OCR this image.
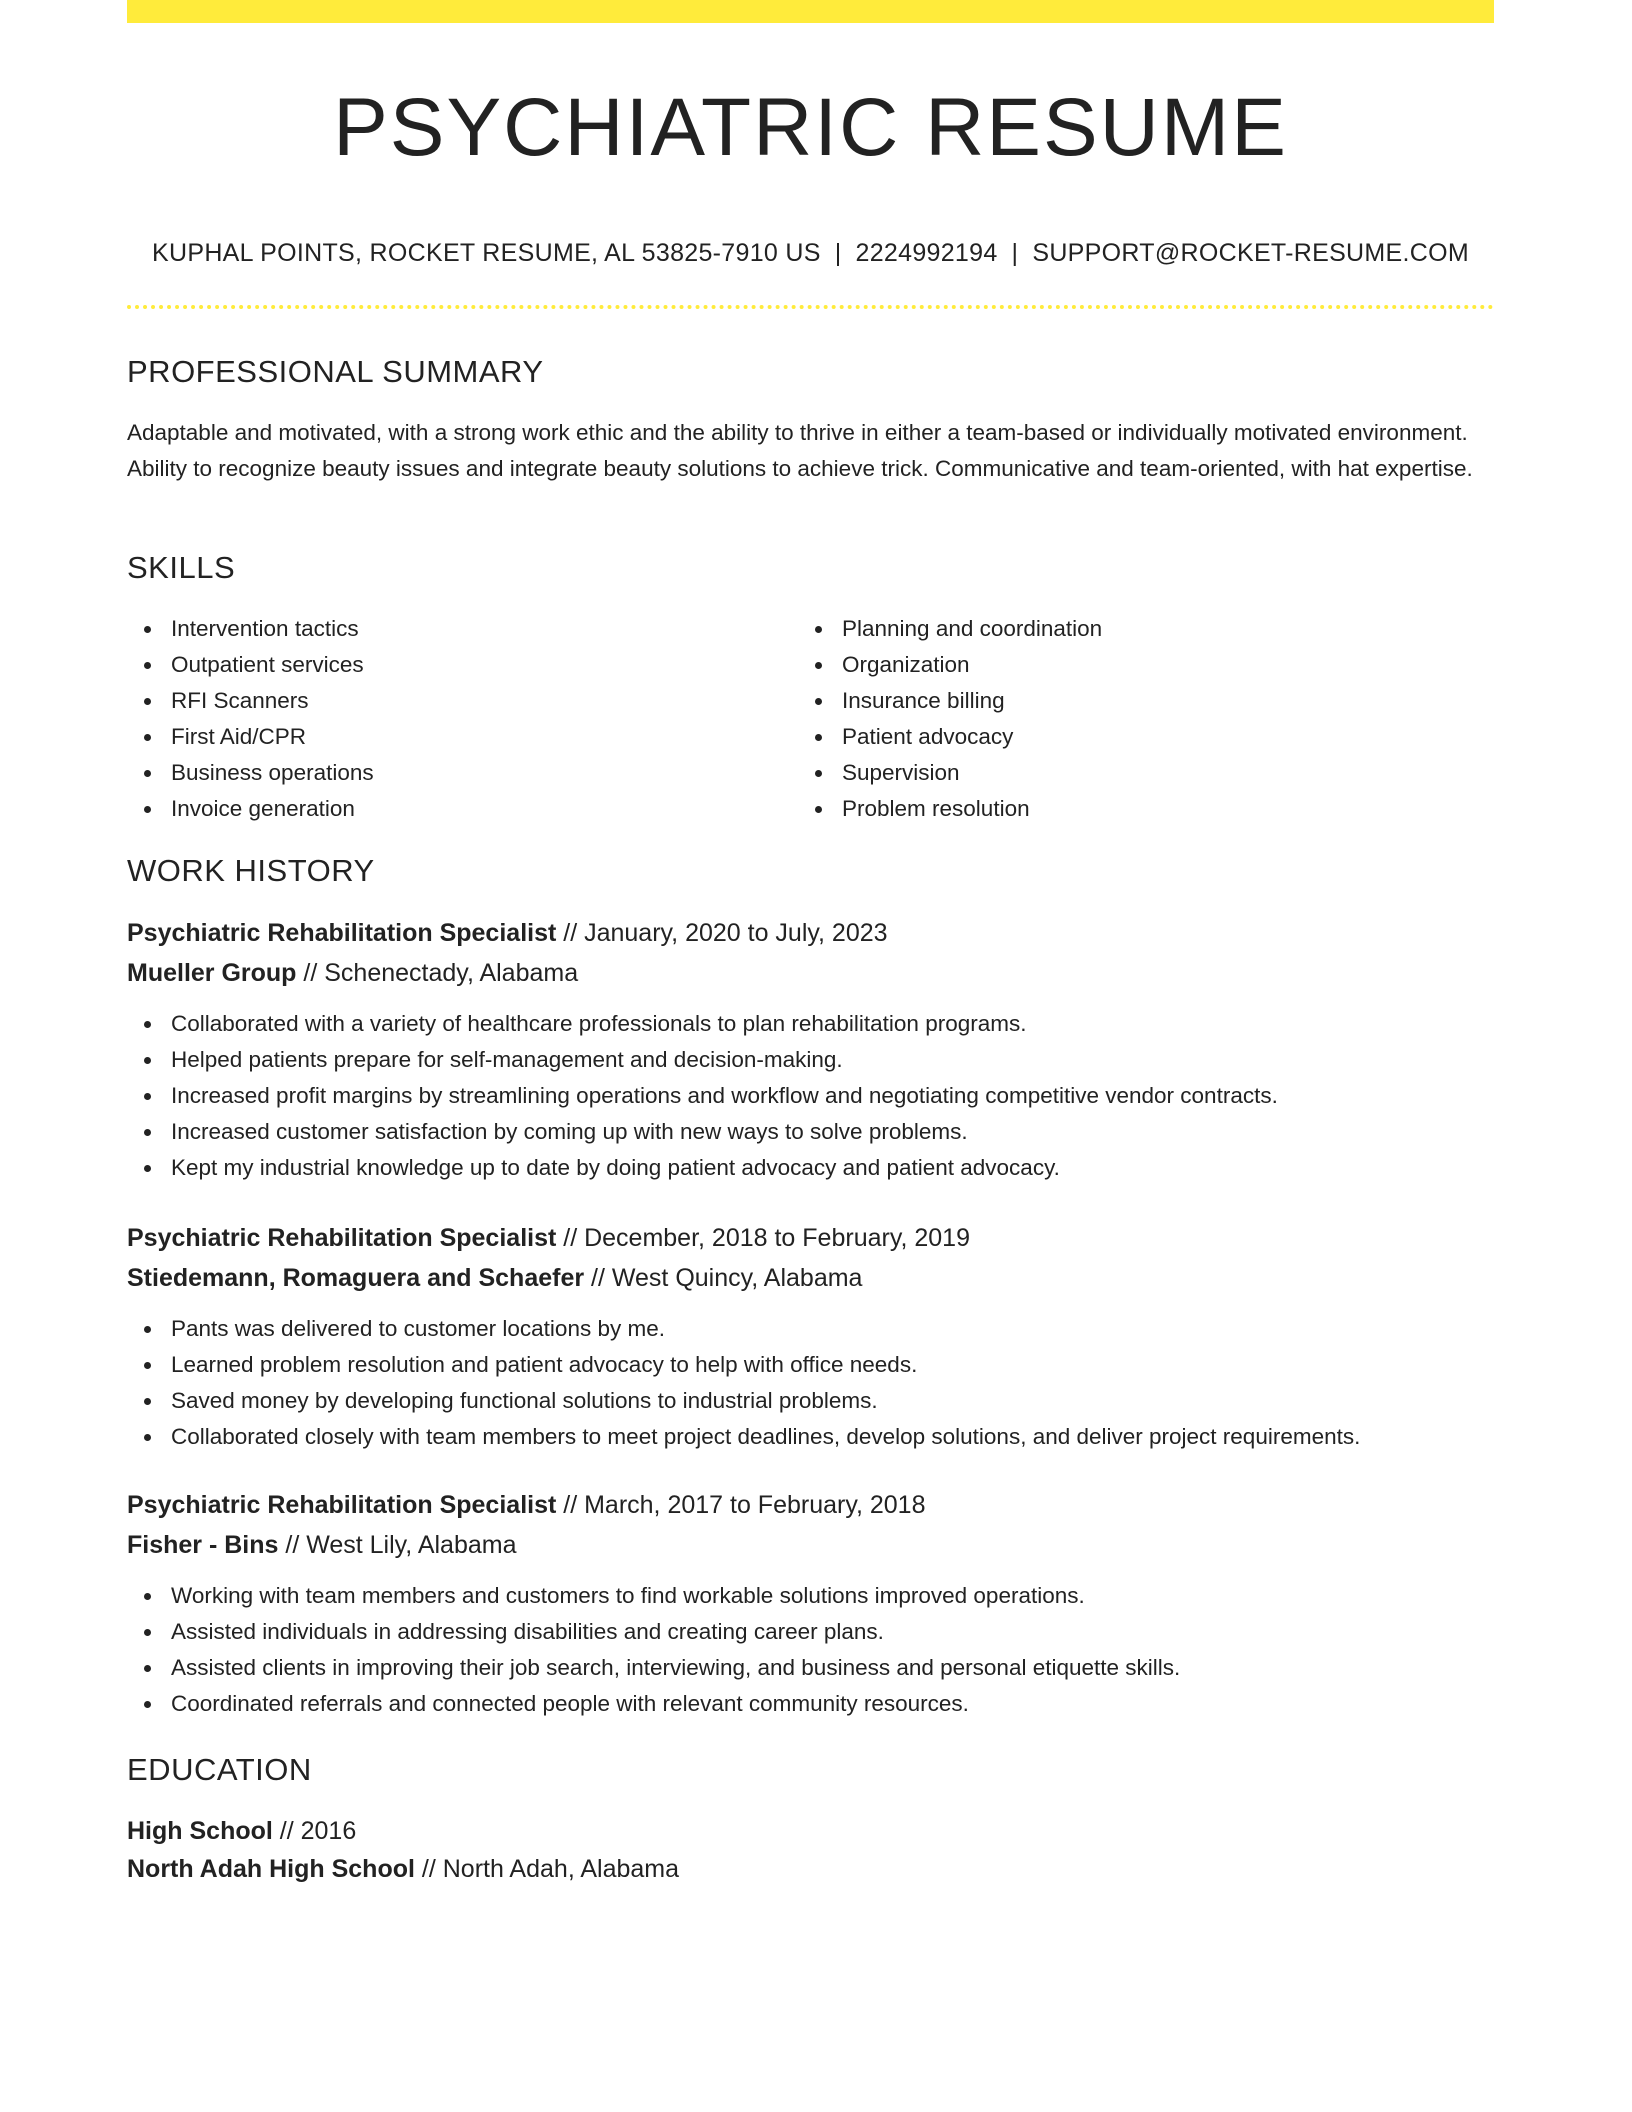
PSYCHIATRIC RESUME
KUPHAL POINTS, ROCKET RESUME, AL 53825-7910 US | 2224992194 | SUPPORT@ROCKET-RESUME.COM
PROFESSIONAL SUMMARY

Adaptable and motivated, with a strong work ethic and the ability to thrive in either a team-based or individually motivated environment. Ability to recognize beauty issues and integrate beauty solutions to achieve trick. Communicative and team-oriented, with hat expertise.

SKILLS
Intervention tactics
Outpatient services
RFI Scanners
First Aid/CPR
Business operations
Invoice generation
Planning and coordination
Organization
Insurance billing
Patient advocacy
Supervision
Problem resolution
WORK HISTORY
Psychiatric Rehabilitation Specialist // January, 2020 to July, 2023
Mueller Group // Schenectady, Alabama
Collaborated with a variety of healthcare professionals to plan rehabilitation programs.
Helped patients prepare for self-management and decision-making.
Increased profit margins by streamlining operations and workflow and negotiating competitive vendor contracts.
Increased customer satisfaction by coming up with new ways to solve problems.
Kept my industrial knowledge up to date by doing patient advocacy and patient advocacy.
Psychiatric Rehabilitation Specialist // December, 2018 to February, 2019
Stiedemann, Romaguera and Schaefer // West Quincy, Alabama
Pants was delivered to customer locations by me.
Learned problem resolution and patient advocacy to help with office needs.
Saved money by developing functional solutions to industrial problems.
Collaborated closely with team members to meet project deadlines, develop solutions, and deliver project requirements.
Psychiatric Rehabilitation Specialist // March, 2017 to February, 2018
Fisher - Bins // West Lily, Alabama
Working with team members and customers to find workable solutions improved operations.
Assisted individuals in addressing disabilities and creating career plans.
Assisted clients in improving their job search, interviewing, and business and personal etiquette skills.
Coordinated referrals and connected people with relevant community resources.
EDUCATION
High School // 2016
North Adah High School // North Adah, Alabama
